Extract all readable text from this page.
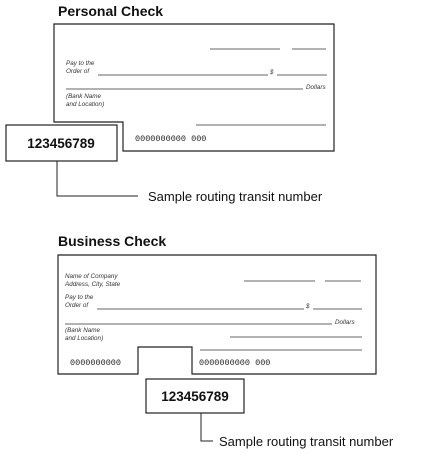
Personal Check
Business Check
Pay to the
Order of	$
Dollars
(Bank Name
and Location)
0000000000 000
123456789
Sample routing transit number
Name of Company
Address, City, State
Pay to the
Order of	$
Dollars
(Bank Name
and Location)
0000000000	0000000000 000
123456789
Sample routing transit number
